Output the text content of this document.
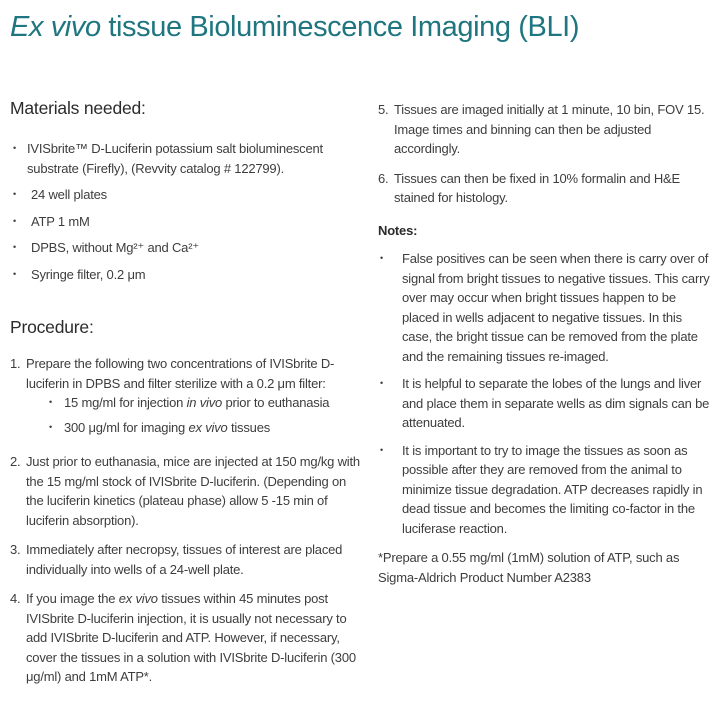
Ex vivo tissue Bioluminescence Imaging (BLI)
Materials needed:
• IVISbrite™ D-Luciferin potassium salt bioluminescent substrate (Firefly), (Revvity catalog # 122799).
•	24 well plates
•	ATP 1 mM
•	DPBS, without Mg²⁺ and Ca²⁺
•	Syringe filter, 0.2 μm
Procedure:
1. Prepare the following two concentrations of IVISbrite D-luciferin in DPBS and filter sterilize with a 0.2 μm filter:
• 15 mg/ml for injection in vivo prior to euthanasia
• 300 μg/ml for imaging ex vivo tissues
2. Just prior to euthanasia, mice are injected at 150 mg/kg with the 15 mg/ml stock of IVISbrite D-luciferin. (Depending on the luciferin kinetics (plateau phase) allow 5 -15 min of luciferin absorption).
3. Immediately after necropsy, tissues of interest are placed individually into wells of a 24-well plate.
4. If you image the ex vivo tissues within 45 minutes post IVISbrite D-luciferin injection, it is usually not necessary to add IVISbrite D-luciferin and ATP. However, if necessary, cover the tissues in a solution with IVISbrite D-luciferin (300 μg/ml) and 1mM ATP*.
5. Tissues are imaged initially at 1 minute, 10 bin, FOV 15. Image times and binning can then be adjusted accordingly.
6. Tissues can then be fixed in 10% formalin and H&E stained for histology.
Notes:
•	False positives can be seen when there is carry over of signal from bright tissues to negative tissues. This carry over may occur when bright tissues happen to be placed in wells adjacent to negative tissues. In this case, the bright tissue can be removed from the plate and the remaining tissues re-imaged.
•	It is helpful to separate the lobes of the lungs and liver and place them in separate wells as dim signals can be attenuated.
•	It is important to try to image the tissues as soon as possible after they are removed from the animal to minimize tissue degradation. ATP decreases rapidly in dead tissue and becomes the limiting co-factor in the luciferase reaction.
*Prepare a 0.55 mg/ml (1mM) solution of ATP, such as Sigma-Aldrich Product Number A2383
